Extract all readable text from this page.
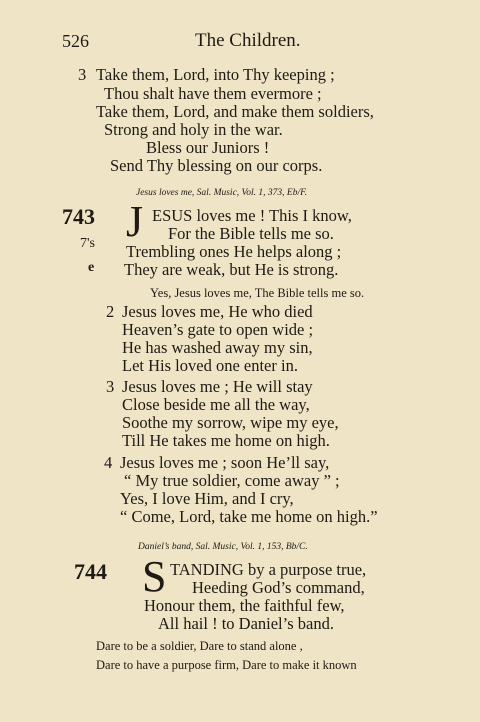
526	The Children.
3 Take them, Lord, into Thy keeping ;
Thou shalt have them evermore ;
Take them, Lord, and make them soldiers,
Strong and holy in the war.
Bless our Juniors !
Send Thy blessing on our corps.
Jesus loves me, Sal. Music, Vol. 1, 373, Eb/F.
743
7's
e
J ESUS loves me ! This I know,
For the Bible tells me so.
Trembling ones He helps along ;
They are weak, but He is strong.
Yes, Jesus loves me, The Bible tells me so.
2 Jesus loves me, He who died
Heaven’s gate to open wide ;
He has washed away my sin,
Let His loved one enter in.
3 Jesus loves me ; He will stay
Close beside me all the way,
Soothe my sorrow, wipe my eye,
Till He takes me home on high.
4 Jesus loves me ; soon He’ll say,
“ My true soldier, come away ” ;
Yes, I love Him, and I cry,
“ Come, Lord, take me home on high.”
Daniel’s band, Sal. Music, Vol. 1, 153, Bb/C.
744 S TANDING by a purpose true,
Heeding God’s command,
Honour them, the faithful few,
All hail ! to Daniel’s band.
Dare to be a soldier, Dare to stand alone ,
Dare to have a purpose firm, Dare to make it known
